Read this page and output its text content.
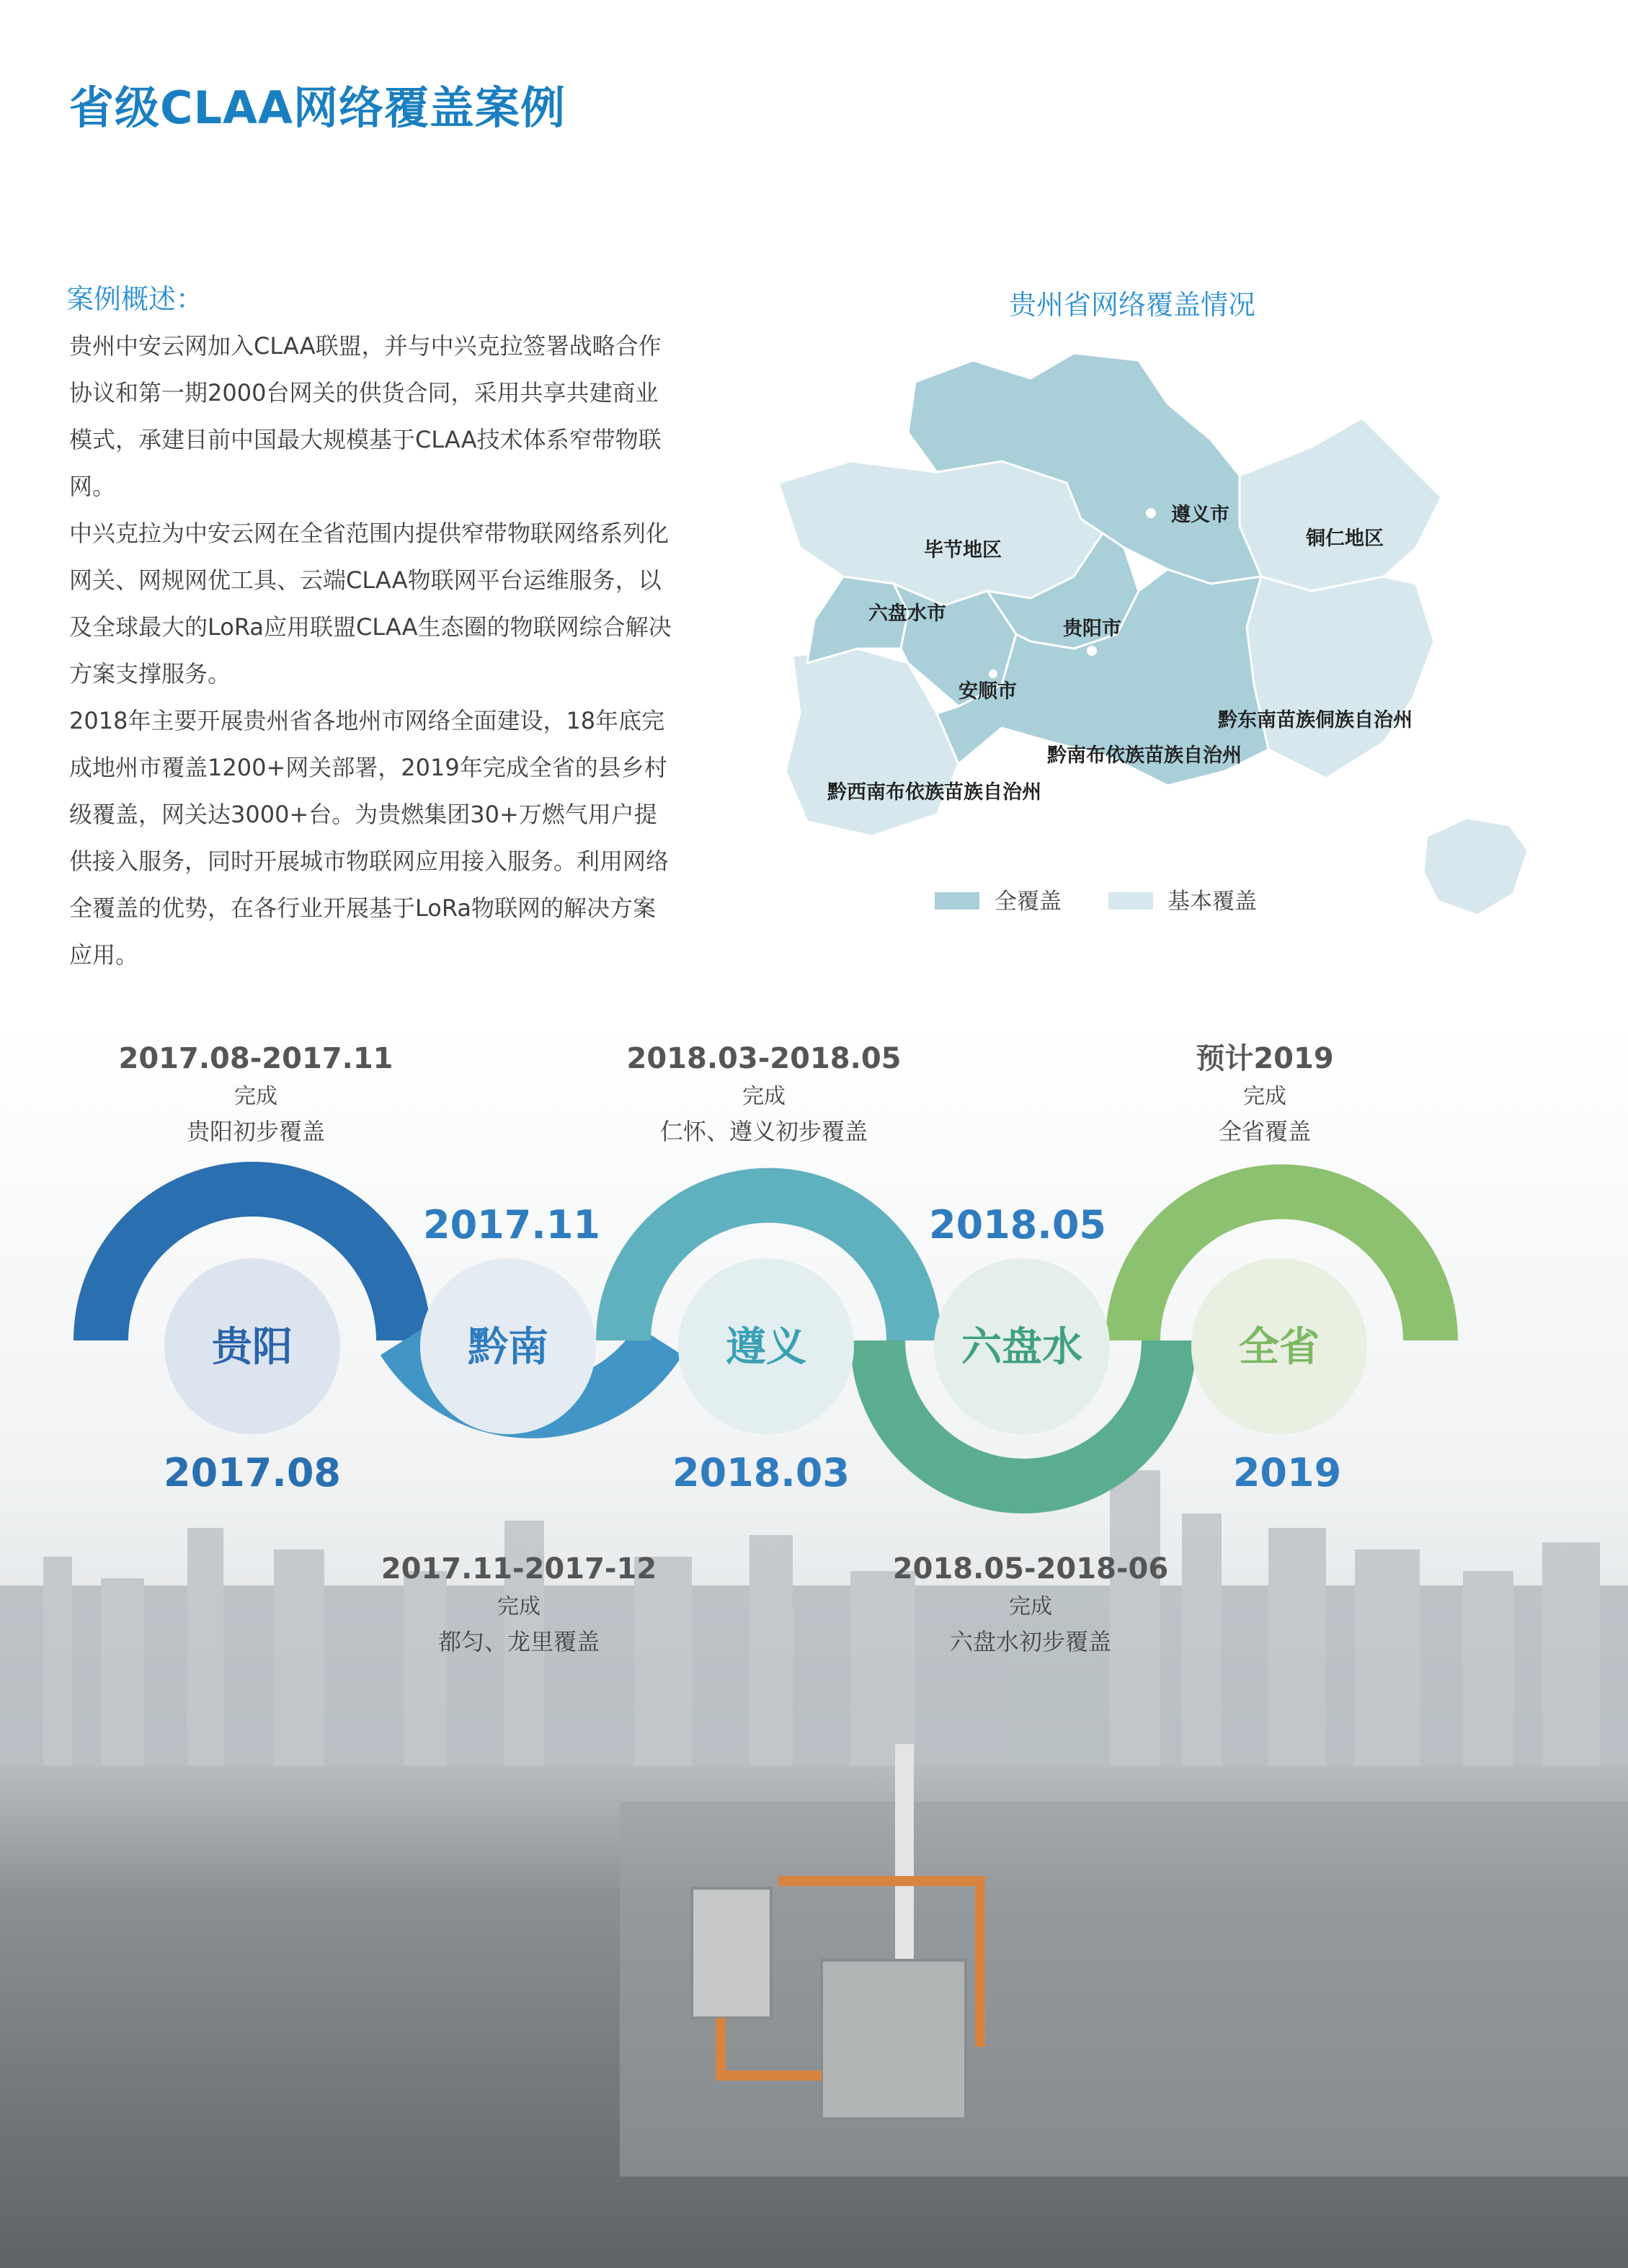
省级CLAA网络覆盖案例
案例概述：

贵州中安云网加入CLAA联盟，并与中兴克拉签署战略合作协议和第一期2000台网关的供货合同，采用共享共建商业模式，承建目前中国最大规模基于CLAA技术体系窄带物联网。

中兴克拉为中安云网在全省范围内提供窄带物联网络系列化网关、网规网优工具、云端CLAA物联网平台运维服务，以及全球最大的LoRa应用联盟CLAA生态圈的物联网综合解决方案支撑服务。

2018年主要开展贵州省各地州市网络全面建设，18年底完成地州市覆盖1200+网关部署，2019年完成全省的县乡村级覆盖，网关达3000+台。为贵燃集团30+万燃气用户提供接入服务，同时开展城市物联网应用接入服务。利用网络全覆盖的优势，在各行业开展基于LoRa物联网的解决方案应用。

贵州省网络覆盖情况
遵义市
毕节地区
铜仁地区
六盘水市
贵阳市
安顺市
黔东南苗族侗族自治州
黔南布依族苗族自治州
黔西南布依族苗族自治州
全覆盖	基本覆盖
贵阳	黔南	遵义	六盘水	全省
2017.08
2017.11
2018.03
2018.05
2019
2017.08-2017.11
完成
贵阳初步覆盖
2017.11-2017-12
完成
都匀、龙里覆盖
2018.03-2018.05
完成
仁怀、遵义初步覆盖
2018.05-2018-06
完成
六盘水初步覆盖
预计2019
完成
全省覆盖
